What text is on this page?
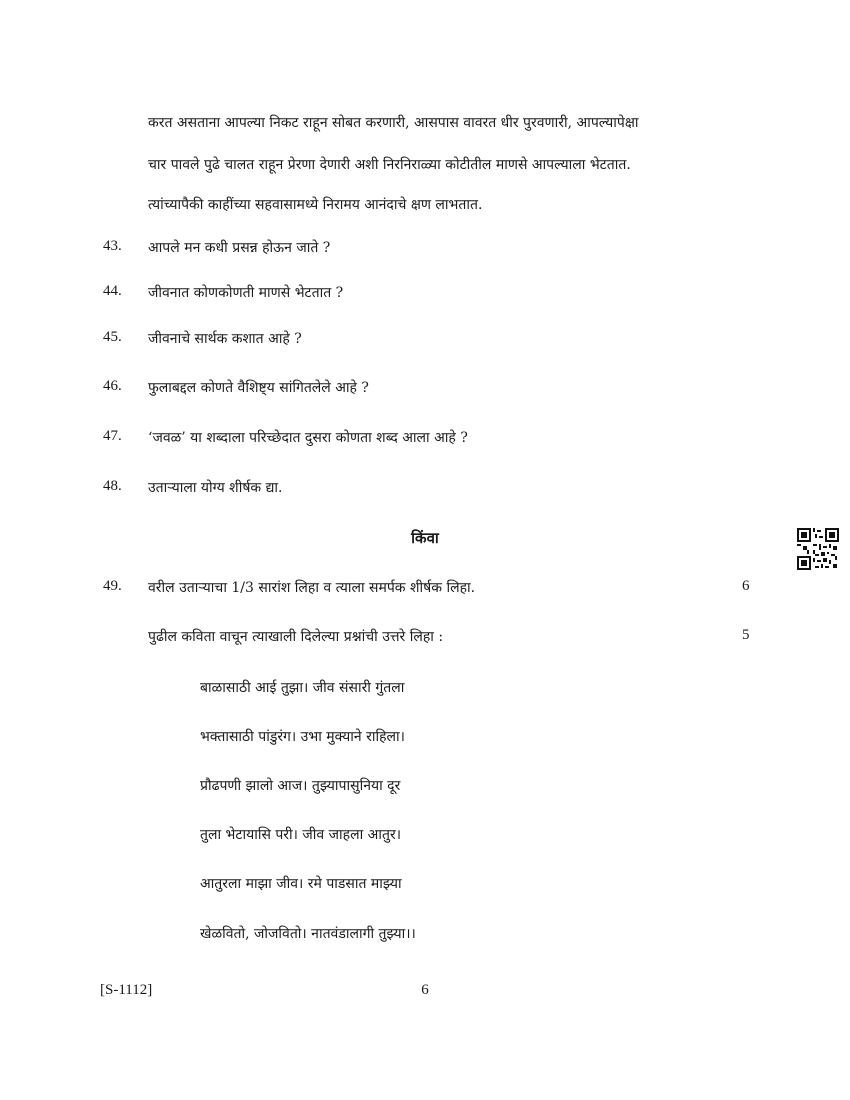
करत असताना आपल्या निकट राहून सोबत करणारी, आसपास वावरत धीर पुरवणारी, आपल्यापेक्षा
चार पावले पुढे चालत राहून प्रेरणा देणारी अशी निरनिराळ्या कोटीतील माणसे आपल्याला भेटतात.
त्यांच्यापैकी काहींच्या सहवासामध्ये निरामय आनंदाचे क्षण लाभतात.
43. आपले मन कधी प्रसन्न होऊन जाते ?
44. जीवनात कोणकोणती माणसे भेटतात ?
45. जीवनाचे सार्थक कशात आहे ?
46. फुलाबद्दल कोणते वैशिष्ट्य सांगितलेले आहे ?
47. ‘जवळ’ या शब्दाला परिच्छेदात दुसरा कोणता शब्द आला आहे ?
48. उताऱ्याला योग्य शीर्षक द्या.
किंवा
49. वरील उताऱ्याचा 1/3 सारांश लिहा व त्याला समर्पक शीर्षक लिहा.	6
पुढील कविता वाचून त्याखाली दिलेल्या प्रश्नांची उत्तरे लिहा :	5
बाळासाठी आई तुझा। जीव संसारी गुंतला
भक्तासाठी पांडुरंग। उभा मुक्याने राहिला।
प्रौढपणी झालो आज। तुझ्यापासुनिया दूर
तुला भेटायासि परी। जीव जाहला आतुर।
आतुरला माझा जीव। रमे पाडसात माझ्या
खेळवितो, जोजवितो। नातवंडालागी तुझ्या।।
[S-1112]	6
